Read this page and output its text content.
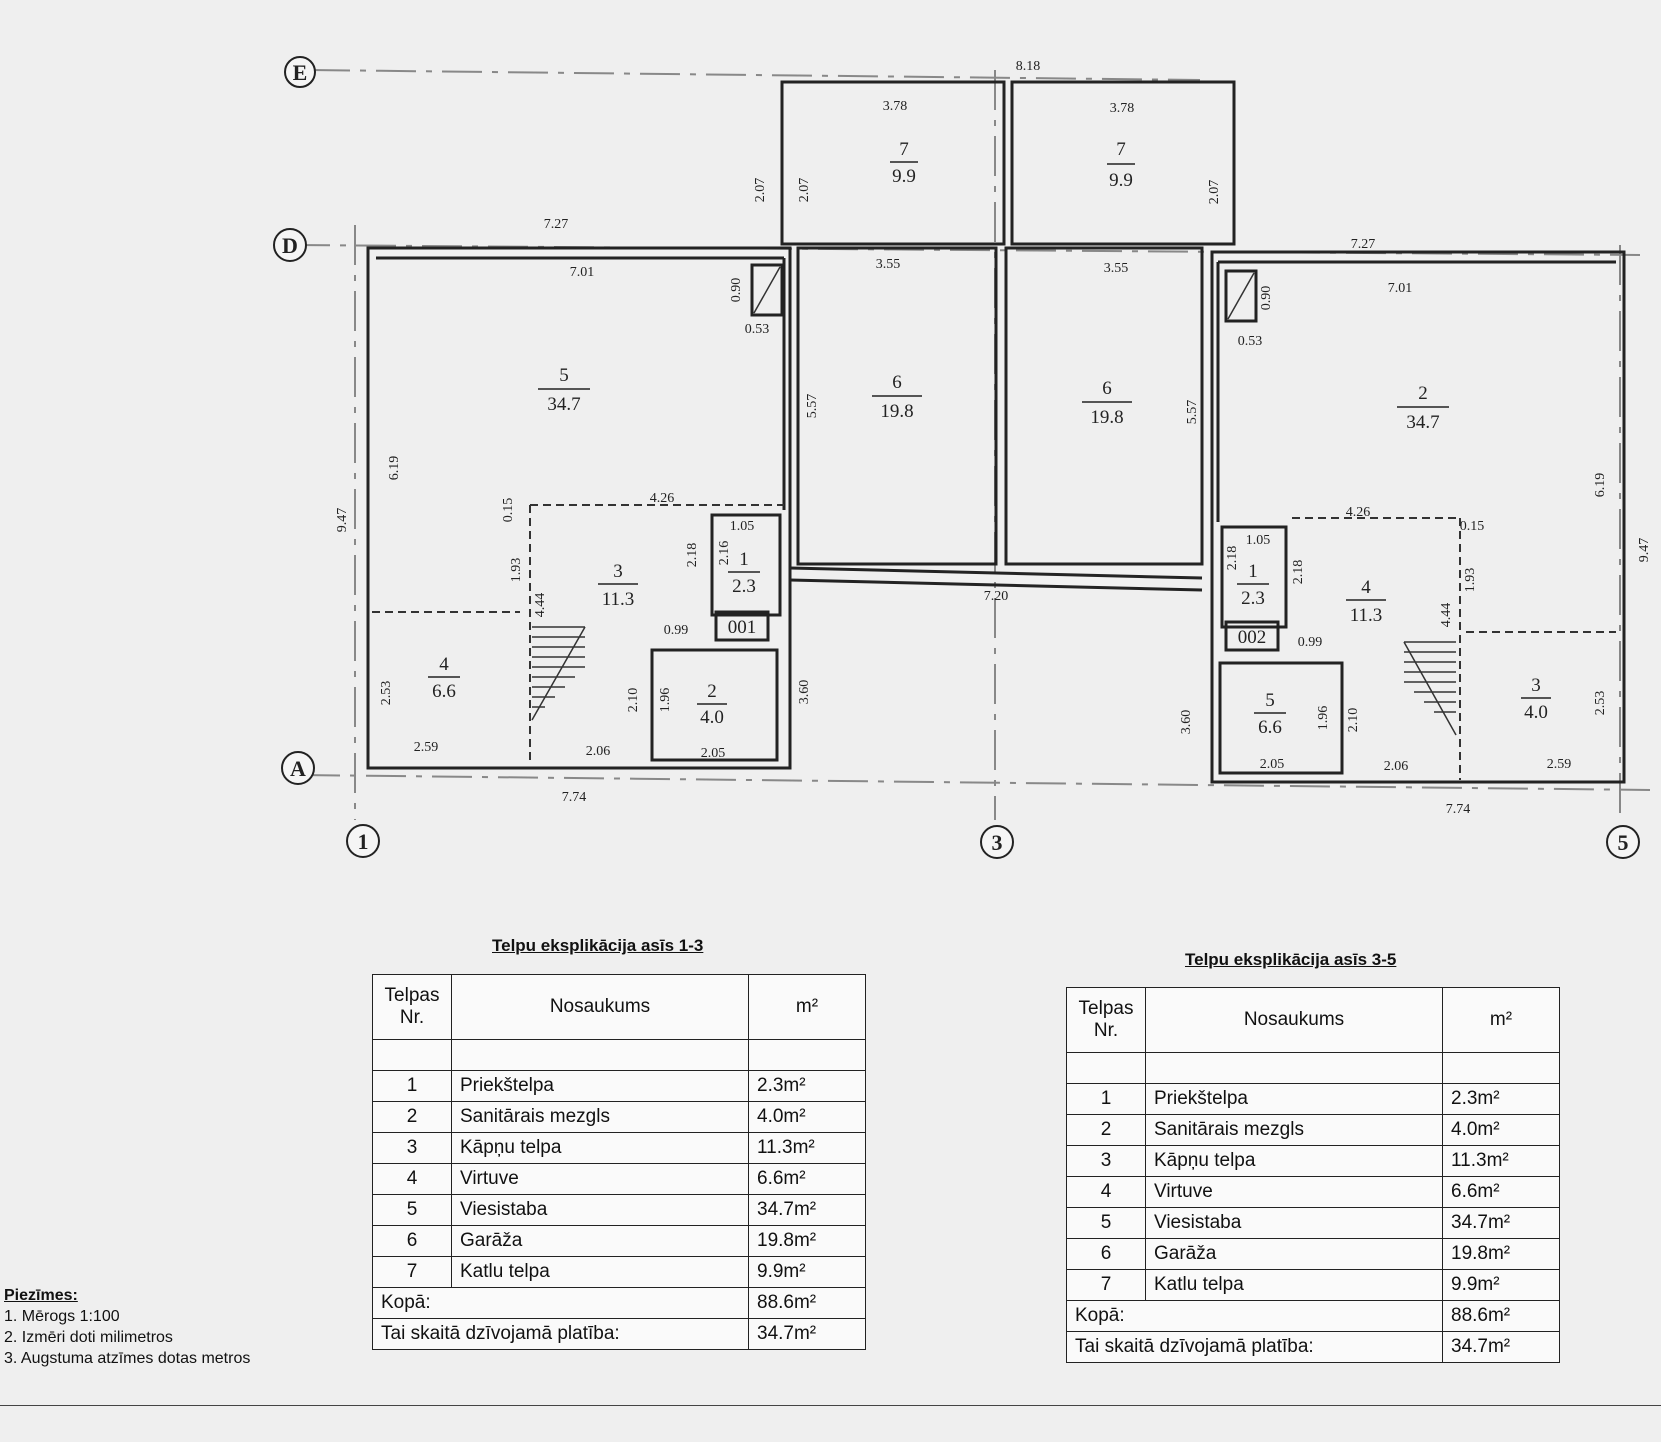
E
D
A
1	3	5
8.18
3.78	3.78
2.07 2.07	2.07
7.27
7.27
7.01
7.01
3.55	3.55
0.90	0.90
0.53
0.53
5.57	5.57
9.47
9.47
6.19
6.19
4.26
4.26
0.15
0.15
1.93	1.93
4.44	4.44
1.05
1.05
2.18
2.18
2.16	2.18
7.20
0.99
0.99
2.53	2.53
2.10
2.10
1.96
1.96
3.60
3.60
2.59
2.59
2.06
2.06
2.05
2.05
7.74
7.74
001	002
7
9.9
5
34.7
6
19.8
3
11.3
1
2.3
4
6.6	2
4.0
7
9.9
6
19.8
2
34.7
1
2.3
4
11.3
5
6.6
3
4.0
Telpu eksplikācija asīs 1-3
Telpas Nr.	Nosaukums	m²

1	Priekštelpa	2.3m²
2	Sanitārais mezgls	4.0m²
3	Kāpņu telpa	11.3m²
4	Virtuve	6.6m²
5	Viesistaba	34.7m²
6	Garāža	19.8m²
7	Katlu telpa	9.9m²
Kopā:		88.6m²
Tai skaitā dzīvojamā platība:		34.7m²
Telpu eksplikācija asīs 3-5
Telpas Nr.	Nosaukums	m²

1	Priekštelpa	2.3m²
2	Sanitārais mezgls	4.0m²
3	Kāpņu telpa	11.3m²
4	Virtuve	6.6m²
5	Viesistaba	34.7m²
6	Garāža	19.8m²
7	Katlu telpa	9.9m²
Kopā:		88.6m²
Tai skaitā dzīvojamā platība:		34.7m²
Piezīmes:
1. Mērogs 1:100
2. Izmēri doti milimetros
3. Augstuma atzīmes dotas metros
